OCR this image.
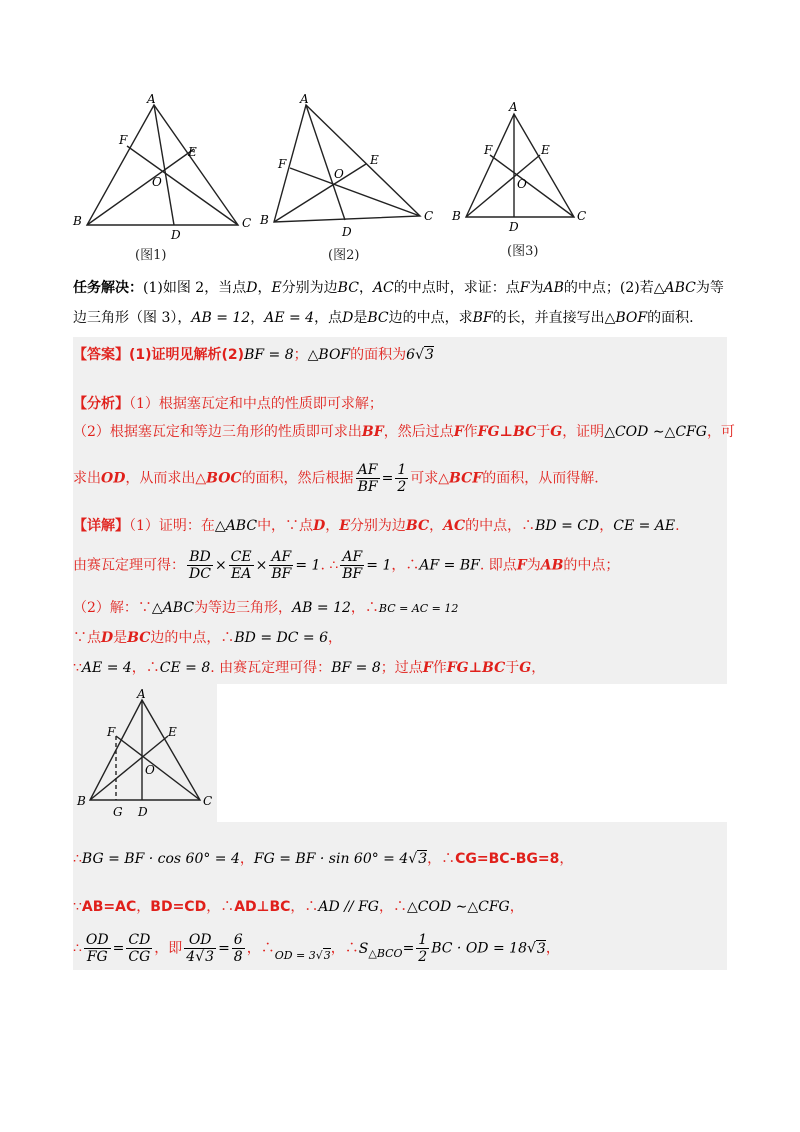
A
B	C
D
E
F
O
(图1)
A
B	C
D
E
F
O
(图2)
A
B	C
D
E
F
O
(图3)
任务解决：(1)如图 2，当点D，E分别为边BC，AC的中点时，求证：点F为AB的中点；(2)若△ABC为等
边三角形（图 3），AB = 12，AE = 4，点D是BC边的中点，求BF的长，并直接写出△BOF的面积.
【答案】(1)证明见解析(2)BF = 8；△BOF的面积为6√3
【分析】（1）根据塞瓦定和中点的性质即可求解；
（2）根据塞瓦定和等边三角形的性质即可求出BF，然后过点F作FG⊥BC于G，证明△COD ∼△CFG，可
求出OD，从而求出△BOC的面积，然后根据 $\frac{AF}{BF} = \frac{1}{2}$ 可求△BCF的面积，从而得解.
【详解】（1）证明：在△ABC中，∵点D，E分别为边BC，AC的中点，∴BD = CD，CE = AE.
由赛瓦定理可得： $\frac{BD}{DC} \times \frac{CE}{EA} \times \frac{AF}{BF} = 1$. ∴ $\frac{AF}{BF} = 1$，∴AF = BF. 即点F为AB的中点；
（2）解：∵△ABC为等边三角形，AB = 12，∴BC = AC = 12
∵点D是BC边的中点，∴BD = DC = 6，
∵AE = 4，∴CE = 8. 由赛瓦定理可得：BF = 8；过点F作FG⊥BC于G，
A
B	C
D
E
F
O
G
∴BG = BF · cos 60° = 4，FG = BF · sin 60° = 4√3，∴CG=BC-BG=8，
∵AB=AC，BD=CD，∴AD⊥BC，∴AD // FG，∴△COD ∼△CFG，
∴ $\frac{OD}{FG} = \frac{CD}{CG}$ ，即 $\frac{OD}{4√3} = \frac{6}{8}$ ，$\therefore_{OD = 3√3}$，$\therefore S_{\triangle BCO}= \frac{1}{2}$ BC · OD = 18√3，
